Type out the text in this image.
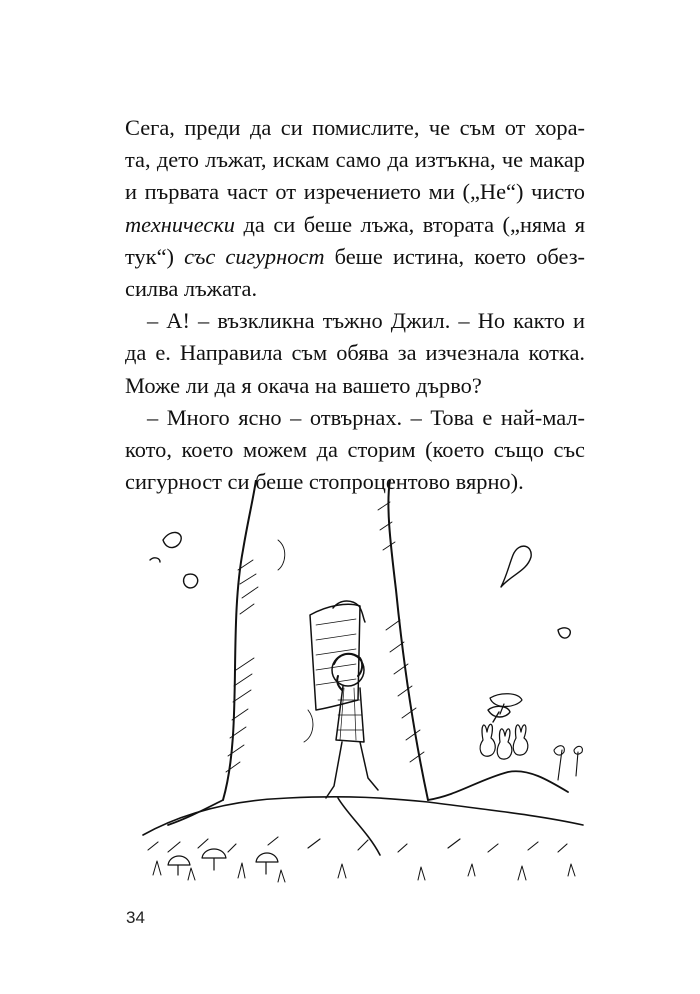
Сега, преди да си помислите, че съм от хора-
та, дето лъжат, искам само да изтъкна, че макар
и първата част от изречението ми („Не“) чисто
технически да си беше лъжа, втората („няма я
тук“) със сигурност беше истина, което обез-
силва лъжата.
– А! – възкликна тъжно Джил. – Но както и
да е. Направила съм обява за изчезнала котка.
Може ли да я окача на вашето дърво?
– Много ясно – отвърнах. – Това е най-мал-
кото, което можем да сторим (което също със
сигурност си беше стопроцентово вярно).
34
